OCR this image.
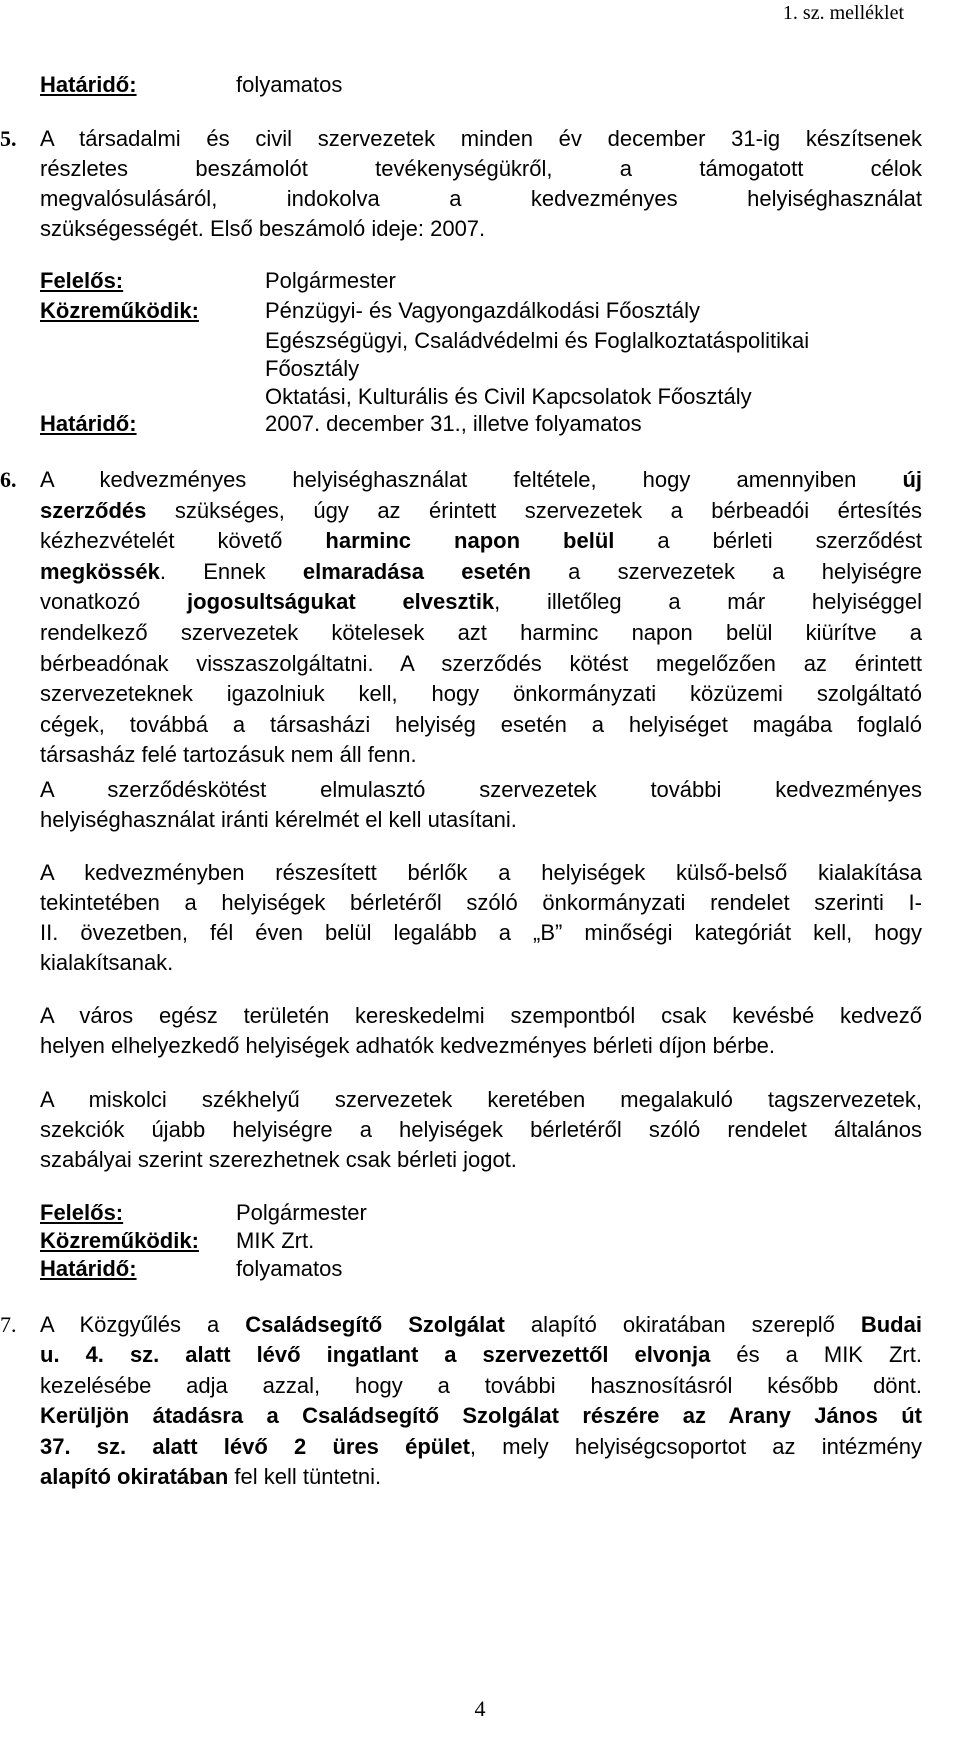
1. sz. melléklet
Határidő:	folyamatos
5. A társadalmi és civil szervezetek minden év december 31-ig készítsenek
részletes beszámolót tevékenységükről, a támogatott célok
megvalósulásáról, indokolva a kedvezményes helyiséghasználat
szükségességét. Első beszámoló ideje: 2007.
Felelős:	Polgármester
Közreműködik:	Pénzügyi- és Vagyongazdálkodási Főosztály
Egészségügyi, Családvédelmi és Foglalkoztatáspolitikai
Főosztály
Oktatási, Kulturális és Civil Kapcsolatok Főosztály
Határidő:	2007. december 31., illetve folyamatos
6. A kedvezményes helyiséghasználat feltétele, hogy amennyiben új
szerződés szükséges, úgy az érintett szervezetek a bérbeadói értesítés
kézhezvételét követő harminc napon belül a bérleti szerződést
megkössék. Ennek elmaradása esetén a szervezetek a helyiségre
vonatkozó jogosultságukat elvesztik, illetőleg a már helyiséggel
rendelkező szervezetek kötelesek azt harminc napon belül kiürítve a
bérbeadónak visszaszolgáltatni. A szerződés kötést megelőzően az érintett
szervezeteknek igazolniuk kell, hogy önkormányzati közüzemi szolgáltató
cégek, továbbá a társasházi helyiség esetén a helyiséget magába foglaló
társasház felé tartozásuk nem áll fenn.
A szerződéskötést elmulasztó szervezetek további kedvezményes
helyiséghasználat iránti kérelmét el kell utasítani.
A kedvezményben részesített bérlők a helyiségek külső-belső kialakítása
tekintetében a helyiségek bérletéről szóló önkormányzati rendelet szerinti I-
II. övezetben, fél éven belül legalább a „B” minőségi kategóriát kell, hogy
kialakítsanak.
A város egész területén kereskedelmi szempontból csak kevésbé kedvező
helyen elhelyezkedő helyiségek adhatók kedvezményes bérleti díjon bérbe.
A miskolci székhelyű szervezetek keretében megalakuló tagszervezetek,
szekciók újabb helyiségre a helyiségek bérletéről szóló rendelet általános
szabályai szerint szerezhetnek csak bérleti jogot.
Felelős:	Polgármester
Közreműködik: MIK Zrt.
Határidő:	folyamatos
7. A Közgyűlés a Családsegítő Szolgálat alapító okiratában szereplő Budai
u. 4. sz. alatt lévő ingatlant a szervezettől elvonja és a MIK Zrt.
kezelésébe adja azzal, hogy a további hasznosításról később dönt.
Kerüljön átadásra a Családsegítő Szolgálat részére az Arany János út
37. sz. alatt lévő 2 üres épület, mely helyiségcsoportot az intézmény
alapító okiratában fel kell tüntetni.
4
